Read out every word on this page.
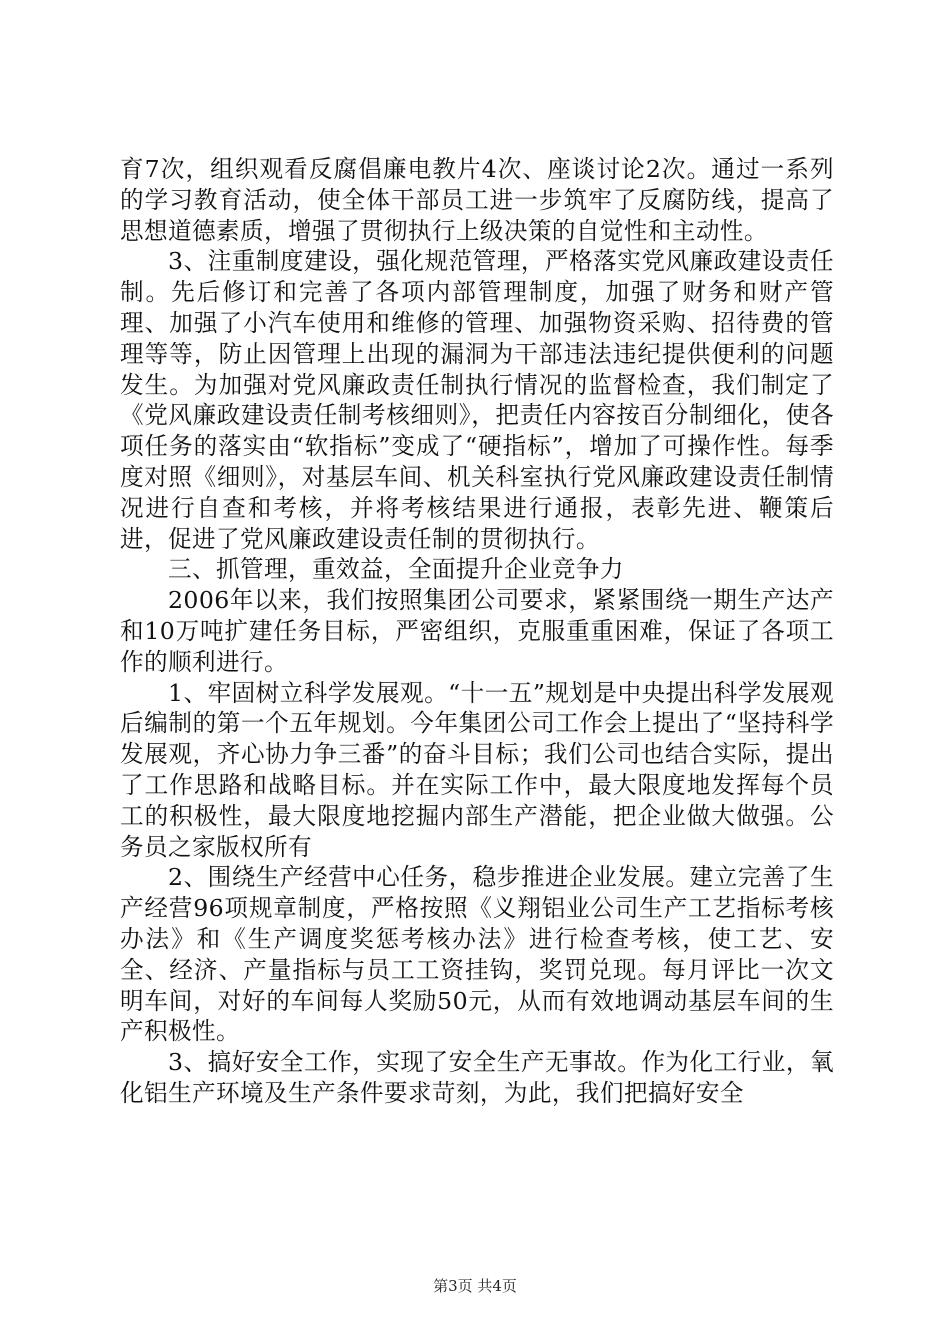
育7次，组织观看反腐倡廉电教片4次、座谈讨论2次。通过一系列的学习教育活动，使全体干部员工进一步筑牢了反腐防线，提高了思想道德素质，增强了贯彻执行上级决策的自觉性和主动性。

3、注重制度建设，强化规范管理，严格落实党风廉政建设责任制。先后修订和完善了各项内部管理制度，加强了财务和财产管理、加强了小汽车使用和维修的管理、加强物资采购、招待费的管理等等，防止因管理上出现的漏洞为干部违法违纪提供便利的问题发生。为加强对党风廉政责任制执行情况的监督检查，我们制定了《党风廉政建设责任制考核细则》，把责任内容按百分制细化，使各项任务的落实由“软指标”变成了“硬指标”，增加了可操作性。每季度对照《细则》，对基层车间、机关科室执行党风廉政建设责任制情况进行自查和考核，并将考核结果进行通报，表彰先进、鞭策后进，促进了党风廉政建设责任制的贯彻执行。

三、抓管理，重效益，全面提升企业竞争力

2006年以来，我们按照集团公司要求，紧紧围绕一期生产达产和10万吨扩建任务目标，严密组织，克服重重困难，保证了各项工作的顺利进行。

1、牢固树立科学发展观。“十一五”规划是中央提出科学发展观后编制的第一个五年规划。今年集团公司工作会上提出了“坚持科学发展观，齐心协力争三番”的奋斗目标；我们公司也结合实际，提出了工作思路和战略目标。并在实际工作中，最大限度地发挥每个员工的积极性，最大限度地挖掘内部生产潜能，把企业做大做强。公务员之家版权所有

2、围绕生产经营中心任务，稳步推进企业发展。建立完善了生产经营96项规章制度，严格按照《义翔铝业公司生产工艺指标考核办法》和《生产调度奖惩考核办法》进行检查考核，使工艺、安全、经济、产量指标与员工工资挂钩，奖罚兑现。每月评比一次文明车间，对好的车间每人奖励50元，从而有效地调动基层车间的生产积极性。

3、搞好安全工作，实现了安全生产无事故。作为化工行业，氧化铝生产环境及生产条件要求苛刻，为此，我们把搞好安全

第3页 共4页
